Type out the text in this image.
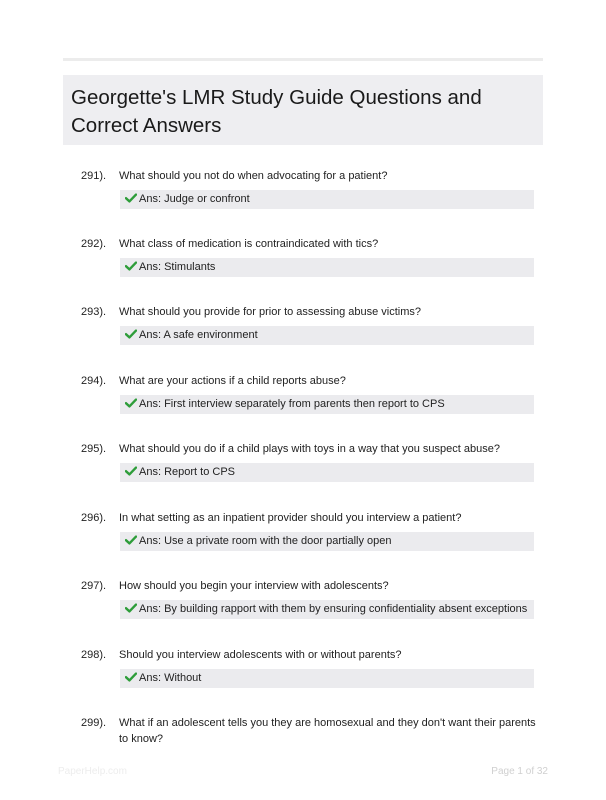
Georgette's LMR Study Guide Questions and Correct Answers
291). What should you not do when advocating for a patient?
Ans: Judge or confront
292). What class of medication is contraindicated with tics?
Ans: Stimulants
293). What should you provide for prior to assessing abuse victims?
Ans: A safe environment
294). What are your actions if a child reports abuse?
Ans: First interview separately from parents then report to CPS
295). What should you do if a child plays with toys in a way that you suspect abuse?
Ans: Report to CPS
296). In what setting as an inpatient provider should you interview a patient?
Ans: Use a private room with the door partially open
297). How should you begin your interview with adolescents?
Ans: By building rapport with them by ensuring confidentiality absent exceptions
298). Should you interview adolescents with or without parents?
Ans: Without
299). What if an adolescent tells you they are homosexual and they don't want their parents to know?
PaperHelp.com	Page 1 of 32
